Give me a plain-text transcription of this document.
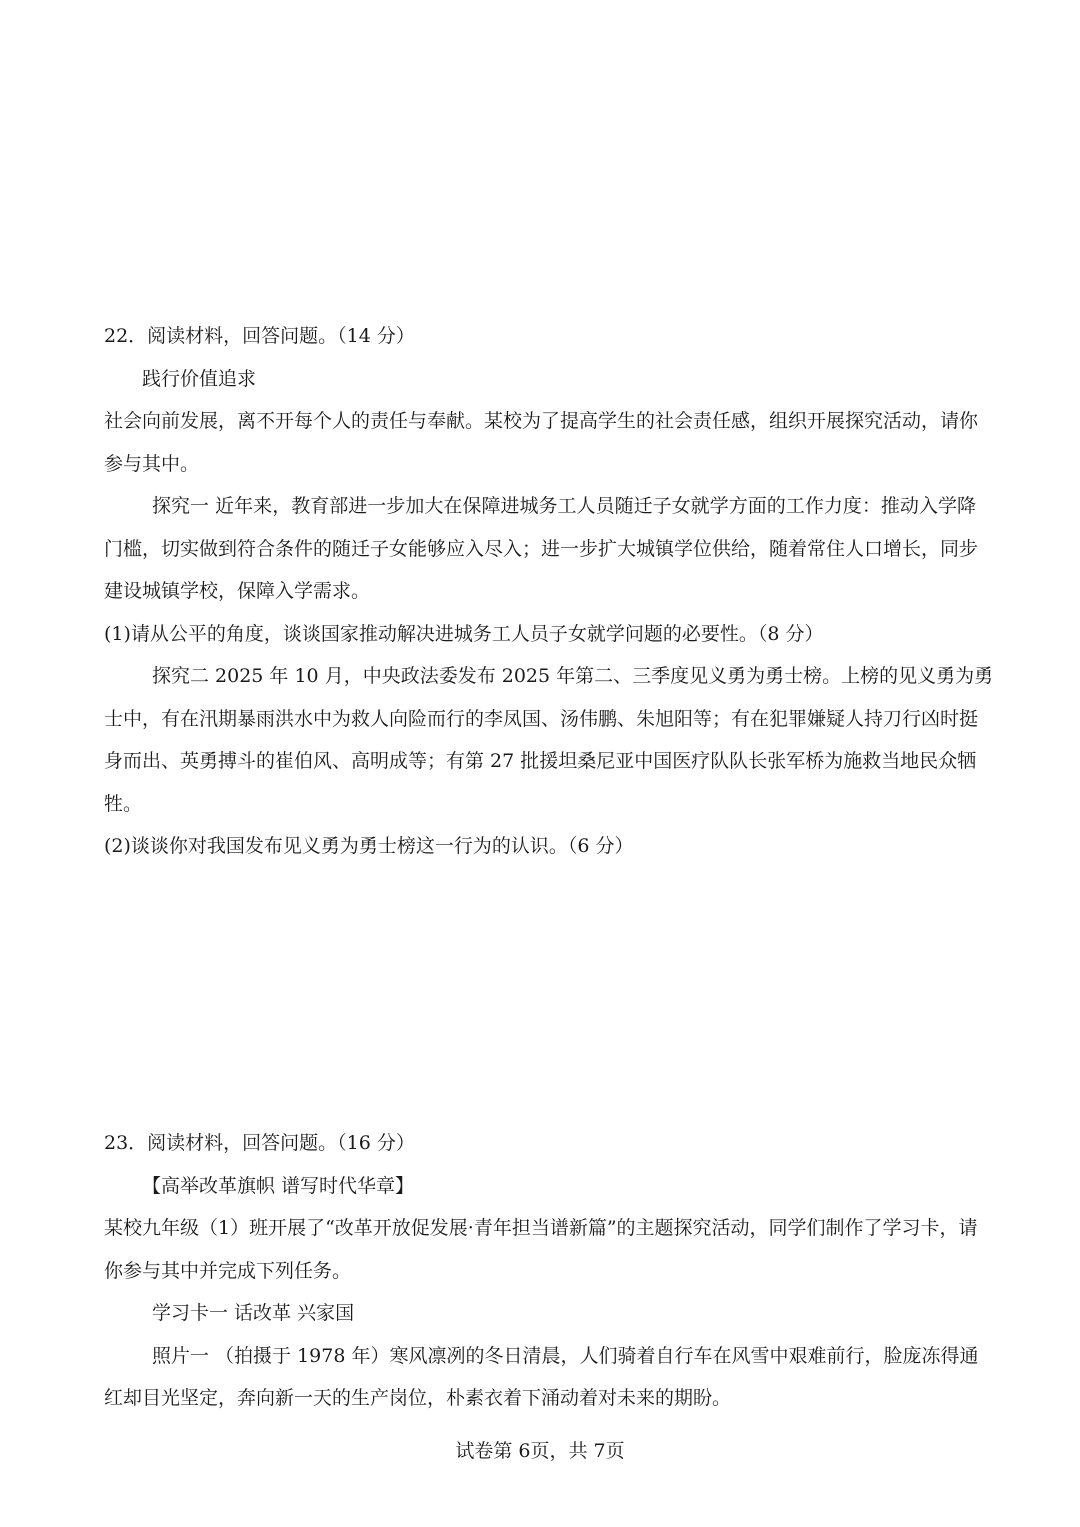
22．阅读材料，回答问题。（14 分）
践行价值追求
社会向前发展，离不开每个人的责任与奉献。某校为了提高学生的社会责任感，组织开展探究活动，请你
参与其中。
探究一 近年来，教育部进一步加大在保障进城务工人员随迁子女就学方面的工作力度：推动入学降
门槛，切实做到符合条件的随迁子女能够应入尽入；进一步扩大城镇学位供给，随着常住人口增长，同步
建设城镇学校，保障入学需求。
(1)请从公平的角度，谈谈国家推动解决进城务工人员子女就学问题的必要性。（8 分）
探究二 2025 年 10 月，中央政法委发布 2025 年第二、三季度见义勇为勇士榜。上榜的见义勇为勇
士中，有在汛期暴雨洪水中为救人向险而行的李凤国、汤伟鹏、朱旭阳等；有在犯罪嫌疑人持刀行凶时挺
身而出、英勇搏斗的崔伯风、高明成等；有第 27 批援坦桑尼亚中国医疗队队长张军桥为施救当地民众牺
牲。
(2)谈谈你对我国发布见义勇为勇士榜这一行为的认识。（6 分）
23．阅读材料，回答问题。（16 分）
【高举改革旗帜 谱写时代华章】
某校九年级（1）班开展了“改革开放促发展·青年担当谱新篇”的主题探究活动，同学们制作了学习卡，请
你参与其中并完成下列任务。
学习卡一 话改革 兴家国
照片一 （拍摄于 1978 年）寒风凛冽的冬日清晨，人们骑着自行车在风雪中艰难前行，脸庞冻得通
红却目光坚定，奔向新一天的生产岗位，朴素衣着下涌动着对未来的期盼。
试卷第 6页，共 7页
